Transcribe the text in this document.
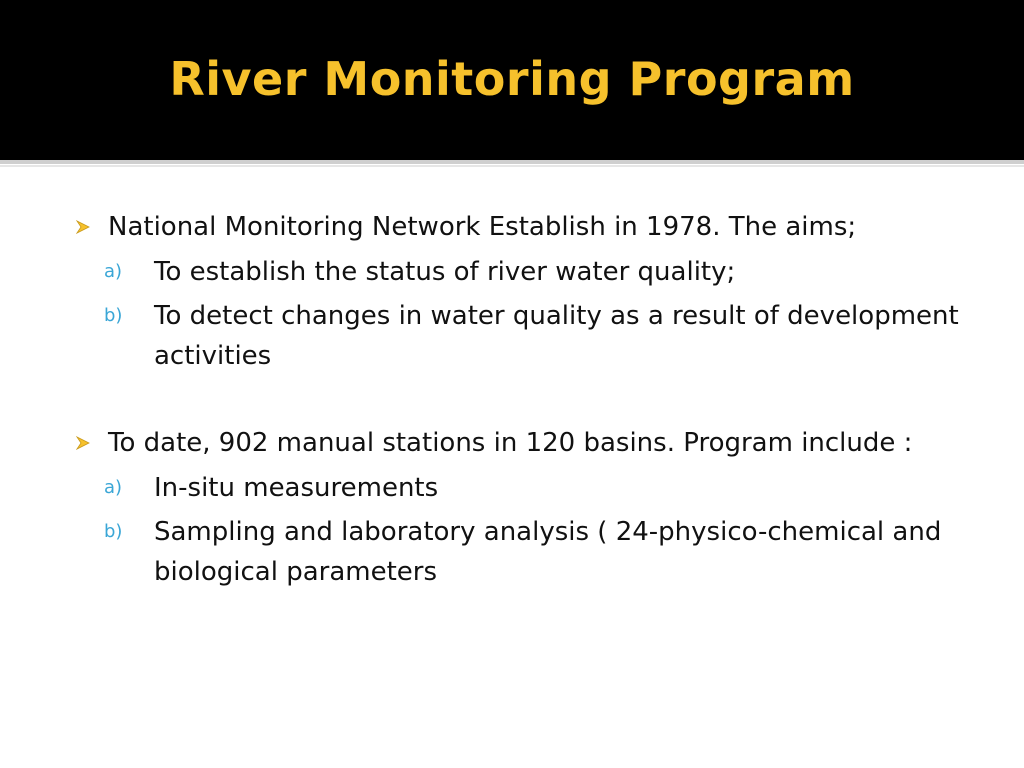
River Monitoring Program

National Monitoring Network Establish in 1978. The aims;

a) To establish the status of river water quality;
b) To detect changes in water quality as a result of development activities

To date, 902 manual stations in 120 basins. Program include :

a) In-situ measurements
b) Sampling and laboratory analysis ( 24-physico-chemical and biological parameters
